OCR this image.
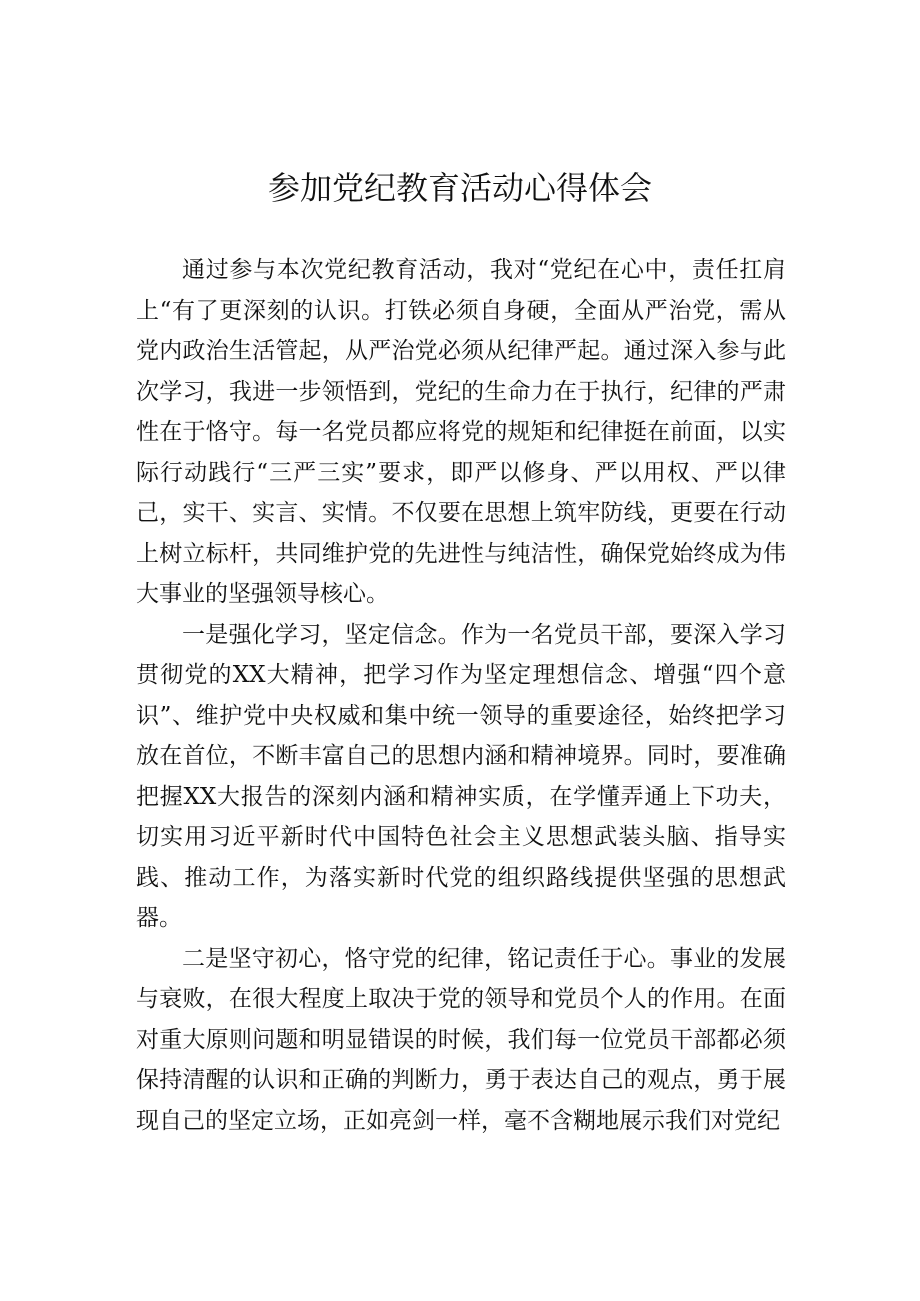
参加党纪教育活动心得体会

通过参与本次党纪教育活动，我对“党纪在心中，责任扛肩上“有了更深刻的认识。打铁必须自身硬，全面从严治党，需从党内政治生活管起，从严治党必须从纪律严起。通过深入参与此次学习，我进一步领悟到，党纪的生命力在于执行，纪律的严肃性在于恪守。每一名党员都应将党的规矩和纪律挺在前面，以实际行动践行“三严三实”要求，即严以修身、严以用权、严以律己，实干、实言、实情。不仅要在思想上筑牢防线，更要在行动上树立标杆，共同维护党的先进性与纯洁性，确保党始终成为伟大事业的坚强领导核心。

一是强化学习，坚定信念。作为一名党员干部，要深入学习贯彻党的XX大精神，把学习作为坚定理想信念、增强“四个意识”、维护党中央权威和集中统一领导的重要途径，始终把学习放在首位，不断丰富自己的思想内涵和精神境界。同时，要准确把握XX大报告的深刻内涵和精神实质，在学懂弄通上下功夫，切实用习近平新时代中国特色社会主义思想武装头脑、指导实践、推动工作，为落实新时代党的组织路线提供坚强的思想武器。

二是坚守初心，恪守党的纪律，铭记责任于心。事业的发展与衰败，在很大程度上取决于党的领导和党员个人的作用。在面对重大原则问题和明显错误的时候，我们每一位党员干部都必须保持清醒的认识和正确的判断力，勇于表达自己的观点，勇于展现自己的坚定立场，正如亮剑一样，毫不含糊地展示我们对党纪
